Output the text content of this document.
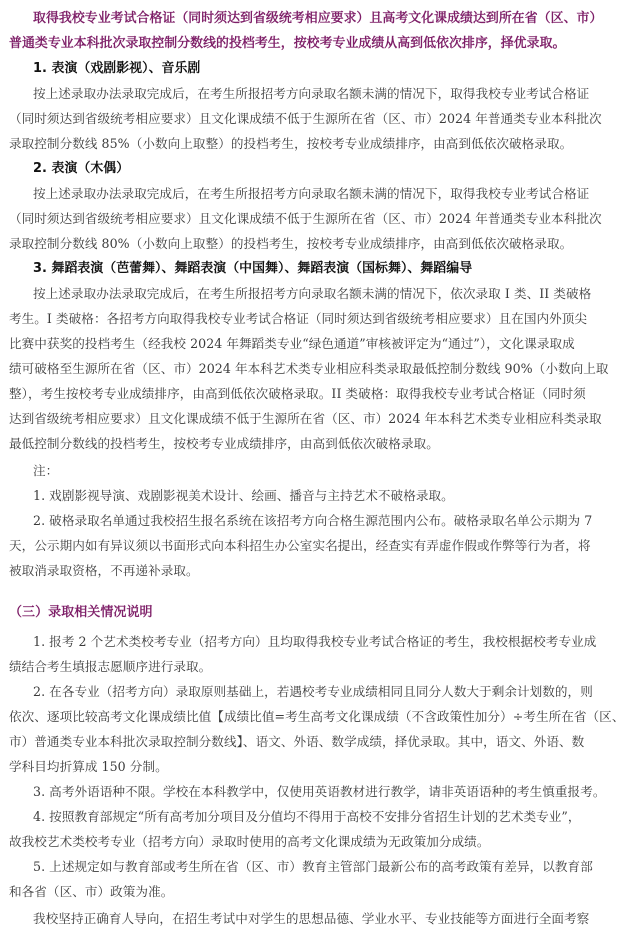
取得我校专业考试合格证（同时须达到省级统考相应要求）且高考文化课成绩达到所在省（区、市）
普通类专业本科批次录取控制分数线的投档考生，按校考专业成绩从高到低依次排序，择优录取。
1. 表演（戏剧影视）、音乐剧
按上述录取办法录取完成后，在考生所报招考方向录取名额未满的情况下，取得我校专业考试合格证
（同时须达到省级统考相应要求）且文化课成绩不低于生源所在省（区、市）2024 年普通类专业本科批次
录取控制分数线 85%（小数向上取整）的投档考生，按校考专业成绩排序，由高到低依次破格录取。
2. 表演（木偶）
按上述录取办法录取完成后，在考生所报招考方向录取名额未满的情况下，取得我校专业考试合格证
（同时须达到省级统考相应要求）且文化课成绩不低于生源所在省（区、市）2024 年普通类专业本科批次
录取控制分数线 80%（小数向上取整）的投档考生，按校考专业成绩排序，由高到低依次破格录取。
3. 舞蹈表演（芭蕾舞）、舞蹈表演（中国舞）、舞蹈表演（国标舞）、舞蹈编导
按上述录取办法录取完成后，在考生所报招考方向录取名额未满的情况下，依次录取 I 类、II 类破格
考生。I 类破格：各招考方向取得我校专业考试合格证（同时须达到省级统考相应要求）且在国内外顶尖
比赛中获奖的投档考生（经我校 2024 年舞蹈类专业“绿色通道”审核被评定为“通过”），文化课录取成
绩可破格至生源所在省（区、市）2024 年本科艺术类专业相应科类录取最低控制分数线 90%（小数向上取
整），考生按校考专业成绩排序，由高到低依次破格录取。II 类破格：取得我校专业考试合格证（同时须
达到省级统考相应要求）且文化课成绩不低于生源所在省（区、市）2024 年本科艺术类专业相应科类录取
最低控制分数线的投档考生，按校考专业成绩排序，由高到低依次破格录取。
注：
1. 戏剧影视导演、戏剧影视美术设计、绘画、播音与主持艺术不破格录取。
2. 破格录取名单通过我校招生报名系统在该招考方向合格生源范围内公布。破格录取名单公示期为 7
天，公示期内如有异议须以书面形式向本科招生办公室实名提出，经查实有弄虚作假或作弊等行为者，将
被取消录取资格，不再递补录取。
（三）录取相关情况说明
1. 报考 2 个艺术类校考专业（招考方向）且均取得我校专业考试合格证的考生，我校根据校考专业成
绩结合考生填报志愿顺序进行录取。
2. 在各专业（招考方向）录取原则基础上，若遇校考专业成绩相同且同分人数大于剩余计划数的，则
依次、逐项比较高考文化课成绩比值【成绩比值=考生高考文化课成绩（不含政策性加分）÷考生所在省（区、
市）普通类专业本科批次录取控制分数线】、语文、外语、数学成绩，择优录取。其中，语文、外语、数
学科目均折算成 150 分制。
3. 高考外语语种不限。学校在本科教学中，仅使用英语教材进行教学，请非英语语种的考生慎重报考。
4. 按照教育部规定“所有高考加分项目及分值均不得用于高校不安排分省招生计划的艺术类专业”，
故我校艺术类校考专业（招考方向）录取时使用的高考文化课成绩为无政策加分成绩。
5. 上述规定如与教育部或考生所在省（区、市）教育主管部门最新公布的高考政策有差异，以教育部
和各省（区、市）政策为准。
我校坚持正确育人导向，在招生考试中对学生的思想品德、学业水平、专业技能等方面进行全面考察
